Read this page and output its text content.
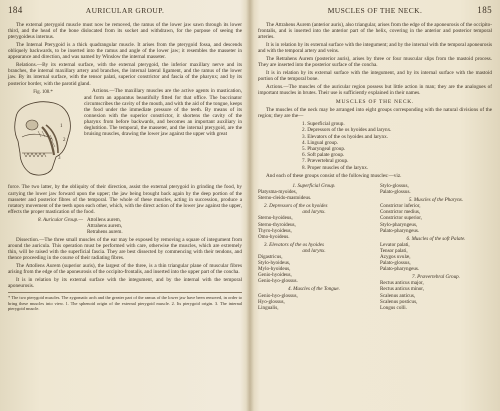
184	AURICULAR GROUP.

The external pterygoid muscle must now be removed, the ramus of the lower jaw sawn through its lower third, and the head of the bone dislocated from its socket and withdrawn, for the purpose of seeing the pterygoideus internus.

The Internal Pterygoid is a thick quadrangular muscle. It arises from the pterygoid fossa, and descends obliquely backwards, to be inserted into the ramus and angle of the lower jaw; it resembles the masseter in appearance and direction, and was named by Winslow the internal masseter.

Relations.—By its external surface, with the external pterygoid, the inferior maxillary nerve and its branches, the internal maxillary artery and branches, the internal lateral ligament, and the ramus of the lower jaw. By its internal surface, with the tensor palati, superior constrictor and fascia of the pharynx; and by its posterior border, with the parotid gland.

Fig. 108.*
1
2
3

Actions.—The maxillary muscles are the active agents in mastication, and form an apparatus beautifully fitted for that office. The buccinator circumscribes the cavity of the mouth, and with the aid of the tongue, keeps the food under the immediate pressure of the teeth. By means of its connexion with the superior constrictor, it shortens the cavity of the pharynx from before backwards, and becomes an important auxiliary in deglutition. The temporal, the masseter, and the internal pterygoid, are the bruising muscles, drawing the lower jaw against the upper with great

force. The two latter, by the obliquity of their direction, assist the external pterygoid in grinding the food, by carrying the lower jaw forward upon the upper; the jaw being brought back again by the deep portion of the masseter and posterior fibres of the temporal. The whole of these muscles, acting in succession, produce a rotatory movement of the teeth upon each other, which, with the direct action of the lower jaw against the upper, effects the proper mastication of the food.

8. Auricular Group.— Attollens aurem,
Attrahens aurem,
Retrahens aurem.

Dissection.—The three small muscles of the ear may be exposed by removing a square of integument from around the auricula. This operation must be performed with care, otherwise the muscles, which are extremely thin, will be raised with the superficial fascia. They are best dissected by commencing with their tendons, and thence proceeding in the course of their radiating fibres.

The Attollens Aurem (superior auris), the largest of the three, is a thin triangular plane of muscular fibres arising from the edge of the aponeurosis of the occipito-frontalis, and inserted into the upper part of the concha.

It is in relation by its external surface with the integument, and by the internal with the temporal aponeurosis.

* The two pterygoid muscles. The zygomatic arch and the greater part of the ramus of the lower jaw have been removed, in order to bring these muscles into view. 1. The sphenoid origin of the external pterygoid muscle. 2. Its pterygoid origin. 3. The internal pterygoid muscle.
MUSCLES OF THE NECK.	185

The Attrahens Aurem (anterior auris), also triangular, arises from the edge of the aponeurosis of the occipito-frontalis, and is inserted into the anterior part of the helix, covering in the anterior and posterior temporal arteries.

It is in relation by its external surface with the integument; and by the internal with the temporal aponeurosis and with the temporal artery and veins.

The Retrahens Aurem (posterior auris), arises by three or four muscular slips from the mastoid process. They are inserted into the posterior surface of the concha.

It is in relation by its external surface with the integument, and by its internal surface with the mastoid portion of the temporal bone.

Actions.—The muscles of the auricular region possess but little action in man; they are the analogues of important muscles in brutes. Their use is sufficiently explained in their names.

MUSCLES OF THE NECK.

The muscles of the neck may be arranged into eight groups corresponding with the natural divisions of the region; they are the—

1. Superficial group.
2. Depressors of the os hyoides and larynx.
3. Elevators of the os hyoides and larynx.
4. Lingual group.
5. Pharyngeal group.
6. Soft palate group.
7. Prævertebral group.
8. Proper muscles of the larynx.

And each of these groups consist of the following muscles:—viz.

1. Superficial Group.
Platysma-myoides,
Sterno-cleido-mastoideus.
2. Depressors of the os hyoides
and larynx.
Sterno-hyoideus,
Sterno-thyroideus,
Thyro-hyoideus,
Omo-hyoideus.
3. Elevators of the os hyoides
and larynx.
Digastricus,
Stylo-hyoideus,
Mylo-hyoideus,
Genio-hyoideus,
Genio-hyo-glossus.
4. Muscles of the Tongue.
Genio-hyo-glossus,
Hyo-glossus,
Lingualis,
Stylo-glossus,
Palato-glossus.
5. Muscles of the Pharynx.
Constrictor inferior,
Constrictor medius,
Constrictor superior,
Stylo-pharyngeus,
Palato-pharyngeus.
6. Muscles of the soft Palate.
Levator palati,
Tensor palati,
Azygos uvulæ,
Palato-glossus,
Palato-pharyngeus.
7. Prævertebral Group.
Rectus anticus major,
Rectus anticus minor,
Scalenus anticus,
Scalenus posticus,
Longus colli.
